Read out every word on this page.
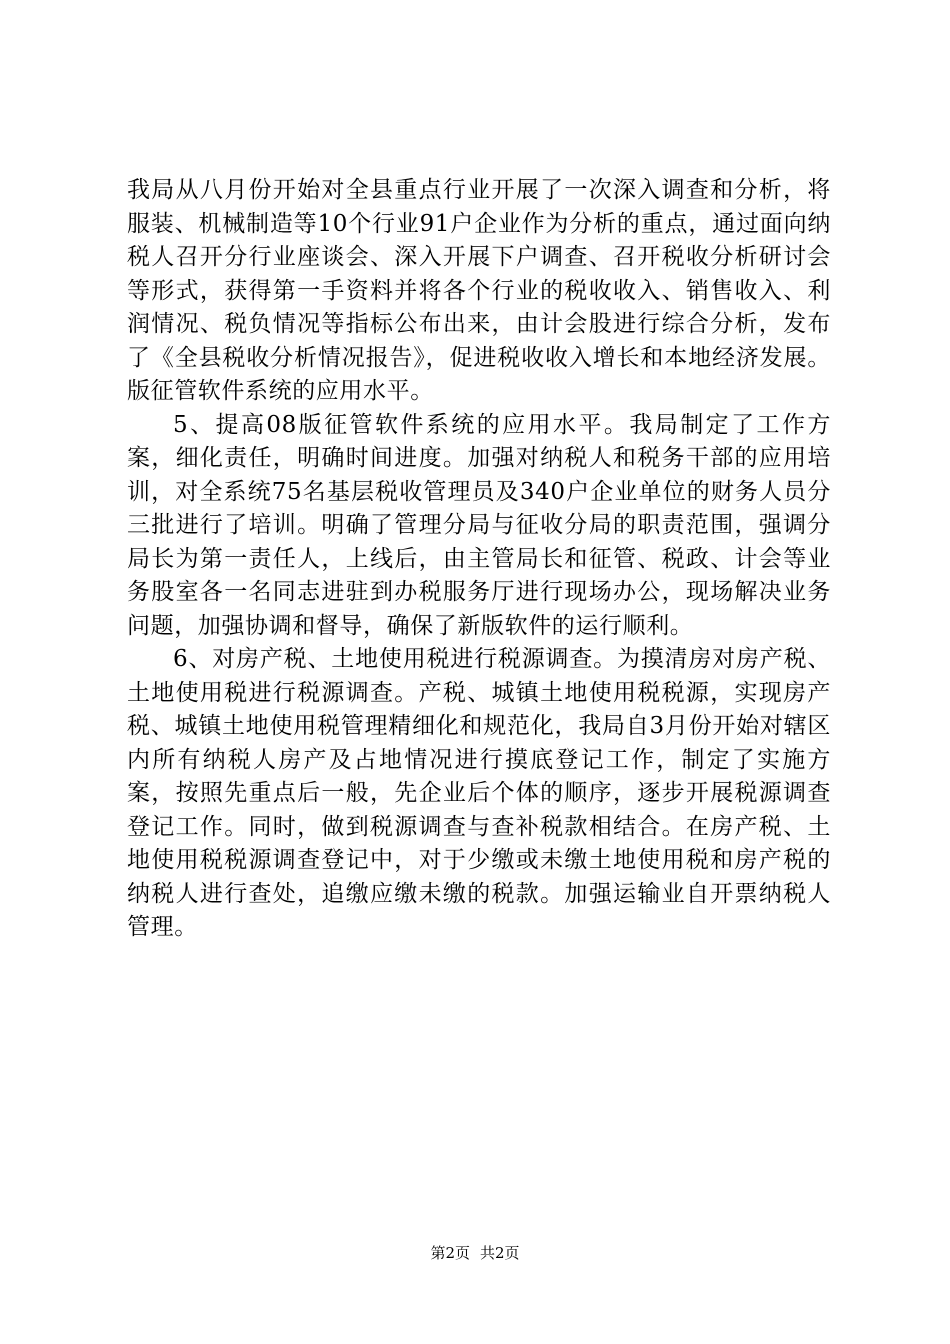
我局从八月份开始对全县重点行业开展了一次深入调查和分析，将服装、机械制造等10个行业91户企业作为分析的重点，通过面向纳税人召开分行业座谈会、深入开展下户调查、召开税收分析研讨会等形式，获得第一手资料并将各个行业的税收收入、销售收入、利润情况、税负情况等指标公布出来，由计会股进行综合分析，发布了《全县税收分析情况报告》，促进税收收入增长和本地经济发展。版征管软件系统的应用水平。

5、提高08版征管软件系统的应用水平。我局制定了工作方案，细化责任，明确时间进度。加强对纳税人和税务干部的应用培训，对全系统75名基层税收管理员及340户企业单位的财务人员分三批进行了培训。明确了管理分局与征收分局的职责范围，强调分局长为第一责任人，上线后，由主管局长和征管、税政、计会等业务股室各一名同志进驻到办税服务厅进行现场办公，现场解决业务问题，加强协调和督导，确保了新版软件的运行顺利。

6、对房产税、土地使用税进行税源调查。为摸清房对房产税、土地使用税进行税源调查。产税、城镇土地使用税税源，实现房产税、城镇土地使用税管理精细化和规范化，我局自3月份开始对辖区内所有纳税人房产及占地情况进行摸底登记工作，制定了实施方案，按照先重点后一般，先企业后个体的顺序，逐步开展税源调查登记工作。同时，做到税源调查与查补税款相结合。在房产税、土地使用税税源调查登记中，对于少缴或未缴土地使用税和房产税的纳税人进行查处，追缴应缴未缴的税款。加强运输业自开票纳税人管理。

第2页 共2页
